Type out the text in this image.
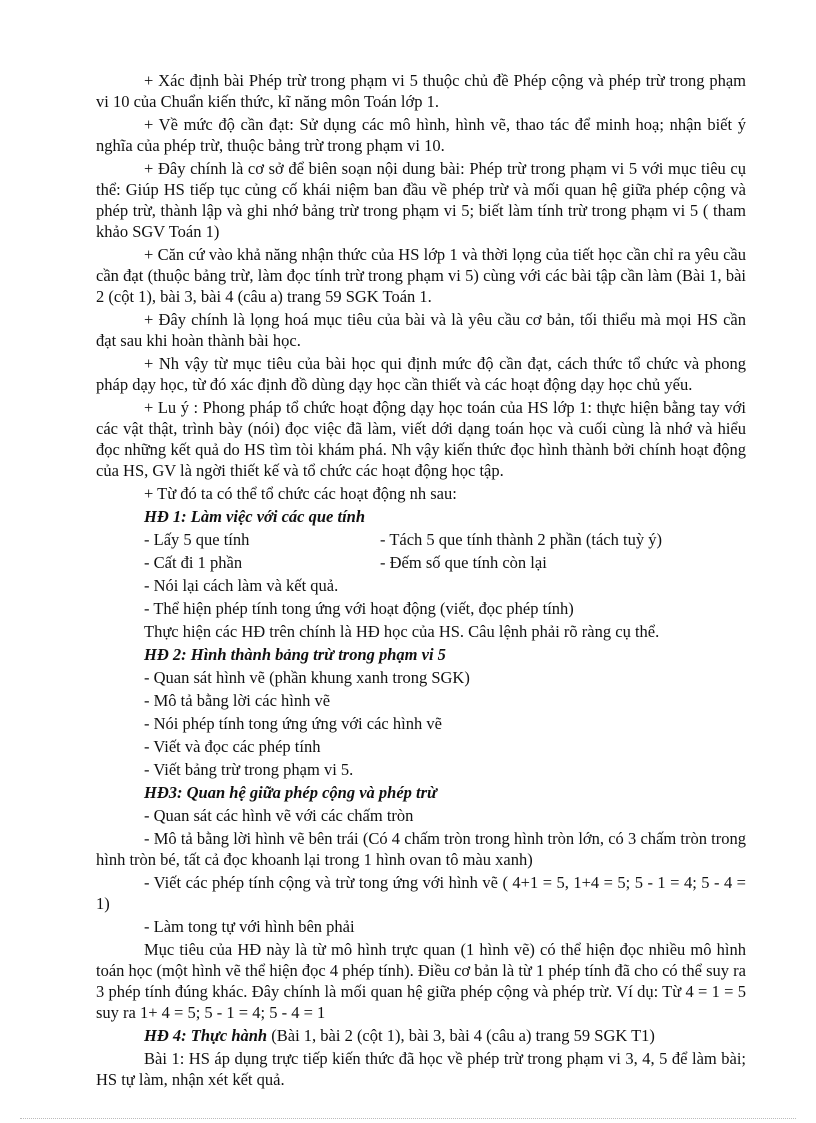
+ Xác định bài Phép trừ trong phạm vi 5 thuộc chủ đề Phép cộng và phép trừ trong phạm vi 10 của Chuẩn kiến thức, kĩ năng môn Toán lớp 1.

+ Về mức độ cần đạt: Sử dụng các mô hình, hình vẽ, thao tác để minh hoạ; nhận biết ý nghĩa của phép trừ, thuộc bảng trừ trong phạm vi 10.

+ Đây chính là cơ sở để biên soạn nội dung bài: Phép trừ trong phạm vi 5 với mục tiêu cụ thể: Giúp HS tiếp tục củng cố khái niệm ban đầu về phép trừ và mối quan hệ giữa phép cộng và phép trừ, thành lập và ghi nhớ bảng trừ trong phạm vi 5; biết làm tính trừ trong phạm vi 5 ( tham khảo SGV Toán 1)

+ Căn cứ vào khả năng nhận thức của HS lớp 1 và thời lọng của tiết học cần chỉ ra yêu cầu cần đạt (thuộc bảng trừ, làm đọc tính trừ trong phạm vi 5) cùng với các bài tập cần làm (Bài 1, bài 2 (cột 1), bài 3, bài 4 (câu a) trang 59 SGK Toán 1.

+ Đây chính là lọng hoá mục tiêu của bài và là yêu cầu cơ bản, tối thiểu mà mọi HS cần đạt sau khi hoàn thành bài học.

+ Nh vậy từ mục tiêu của bài học qui định mức độ cần đạt, cách thức tổ chức và phong pháp dạy học, từ đó xác định đồ dùng dạy học cần thiết và các hoạt động dạy học chủ yếu.

+ Lu ý : Phong pháp tổ chức hoạt động dạy học toán của HS lớp 1: thực hiện bằng tay với các vật thật, trình bày (nói) đọc việc đã làm, viết dới dạng toán học và cuối cùng là nhớ và hiểu đọc những kết quả do HS tìm tòi khám phá. Nh vậy kiến thức đọc hình thành bởi chính hoạt động của HS, GV là ngời thiết kế và tổ chức các hoạt động học tập.

+ Từ đó ta có thể tổ chức các hoạt động nh sau:

HĐ 1: Làm việc với các que tính

- Lấy 5 que tính	- Tách 5 que tính thành 2 phần (tách tuỳ ý)
- Cất đi 1 phần	- Đếm số que tính còn lại

- Nói lại cách làm và kết quả.

- Thể hiện phép tính tong ứng với hoạt động (viết, đọc phép tính)

Thực hiện các HĐ trên chính là HĐ học của HS. Câu lệnh phải rõ ràng cụ thể.

HĐ 2: Hình thành bảng trừ trong phạm vi 5

- Quan sát hình vẽ (phần khung xanh trong SGK)

- Mô tả bằng lời các hình vẽ

- Nói phép tính tong ứng ứng với các hình vẽ

- Viết và đọc các phép tính

- Viết bảng trừ trong phạm vi 5.

HĐ3: Quan hệ giữa phép cộng và phép trừ

- Quan sát các hình vẽ với các chấm tròn

- Mô tả bằng lời hình vẽ bên trái (Có 4 chấm tròn trong hình tròn lớn, có 3 chấm tròn trong hình tròn bé, tất cả đọc khoanh lại trong 1 hình ovan tô màu xanh)

- Viết các phép tính cộng và trừ tong ứng với hình vẽ ( 4+1 = 5, 1+4 = 5; 5 - 1 = 4; 5 - 4 = 1)

- Làm tong tự với hình bên phải

Mục tiêu của HĐ này là từ mô hình trực quan (1 hình vẽ) có thể hiện đọc nhiều mô hình toán học (một hình vẽ thể hiện đọc 4 phép tính). Điều cơ bản là từ 1 phép tính đã cho có thể suy ra 3 phép tính đúng khác. Đây chính là mối quan hệ giữa phép cộng và phép trừ. Ví dụ: Từ 4 = 1 = 5 suy ra 1+ 4 = 5; 5 - 1 = 4; 5 - 4 = 1

HĐ 4: Thực hành (Bài 1, bài 2 (cột 1), bài 3, bài 4 (câu a) trang 59 SGK T1)

Bài 1: HS áp dụng trực tiếp kiến thức đã học về phép trừ trong phạm vi 3, 4, 5 để làm bài; HS tự làm, nhận xét kết quả.
